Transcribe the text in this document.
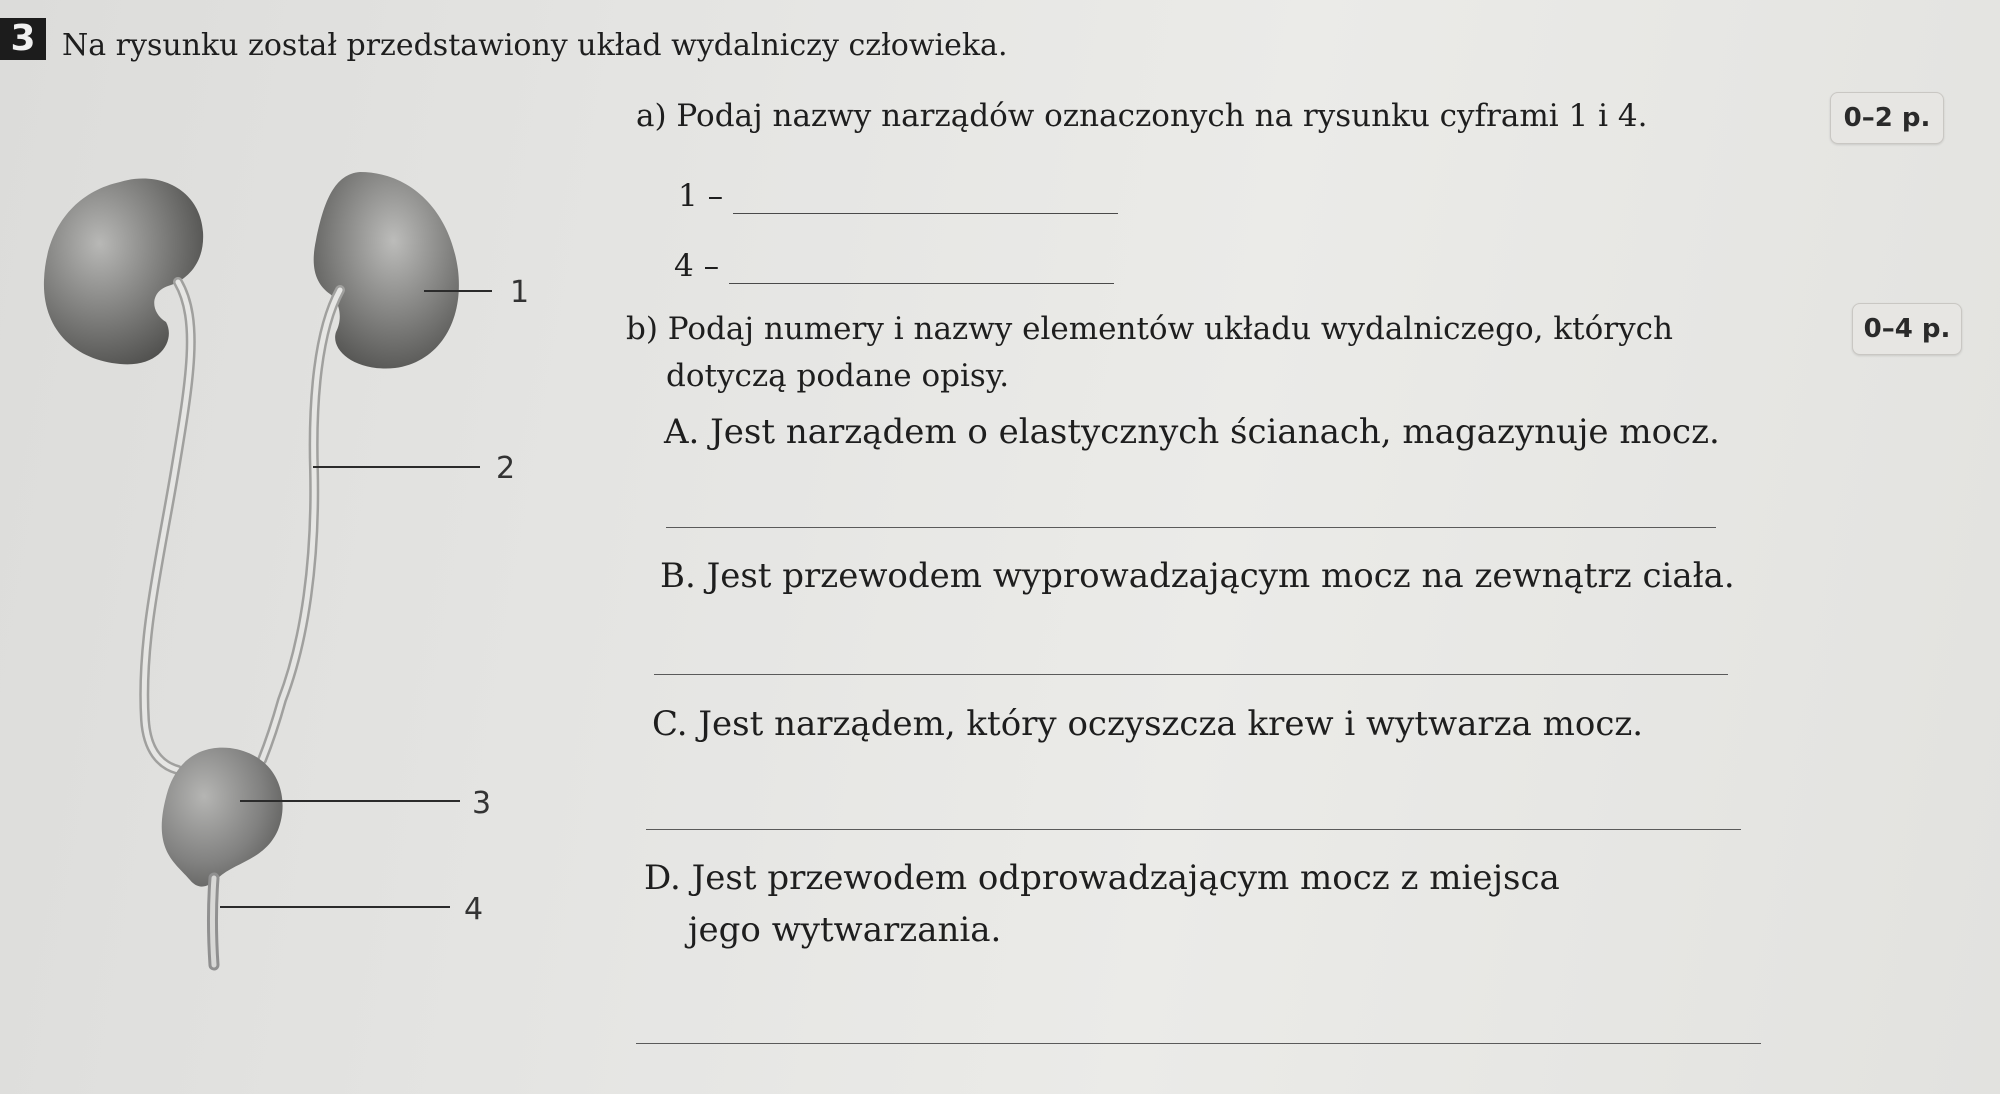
3 Na rysunku został przedstawiony układ wydalniczy człowieka.
1
2
3
4
a) Podaj nazwy narządów oznaczonych na rysunku cyframi 1 i 4.	0–2 p.
1 –
4 –
b) Podaj numery i nazwy elementów układu wydalniczego, których
dotyczą podane opisy.
0–4 p.
A. Jest narządem o elastycznych ścianach, magazynuje mocz.
B. Jest przewodem wyprowadzającym mocz na zewnątrz ciała.
C. Jest narządem, który oczyszcza krew i wytwarza mocz.
D. Jest przewodem odprowadzającym mocz z miejsca
jego wytwarzania.
